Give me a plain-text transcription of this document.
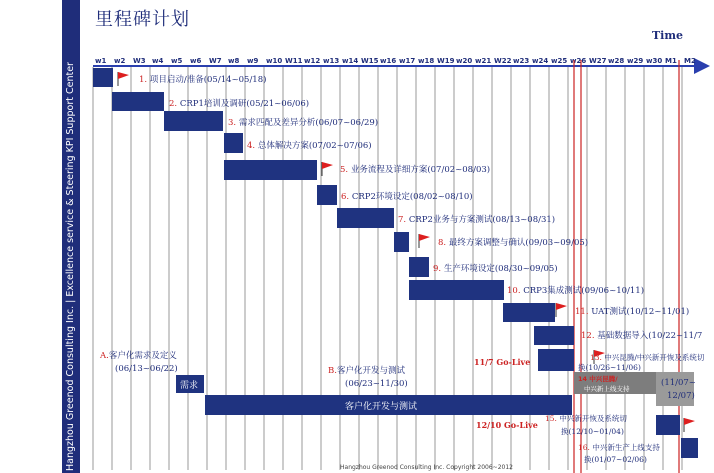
Hangzhou Greenod Consulting Inc. | Excellence service & Steering KPI Support Center
里程碑计划
Time
w1 w2 W3 w4 w5 w6 W7 w8 w9 w10 W11 w12 w13 w14 W15 w16 w17 w18 W19 w20 w21 W22 w23 w24 w25 w26 W27 w28 w29 w30 M1 M2
1. 项目启动/准备(05/14~05/18)
2. CRP1培训及调研(05/21~06/06)
3. 需求匹配及差异分析(06/07~06/29)
4. 总体解决方案(07/02~07/06)
5. 业务流程及详细方案(07/02~08/03)
6. CRP2环境设定(08/02~08/10)
7. CRP2业务与方案测试(08/13~08/31)
8. 最终方案调整与确认(09/03~09/05)
9. 生产环境设定(08/30~09/05)
10. CRP3集成测试(09/06~10/11)
11. UAT测试(10/12~11/01)
12. 基础数据导入(10/22~11/7
13. 中兴昆腾/中兴新开恢及系统切
换(10/26~11/06)
15. 中兴新开恢及系统切
换(12/10~01/04)
16. 中兴新生产上线支持
换(01/07~02/06)
A.客户化需求及定义
(06/13~06/22)	B.客户化开发与测试
(06/23~11/30)
需求
客户化开发与测试
14 中兴昆腾/
中兴新上线支持
(11/07~
12/07)
11/7 Go-Live
12/10 Go-Live
Hangzhou Greenod Consulting Inc. Copyright 2006~2012
